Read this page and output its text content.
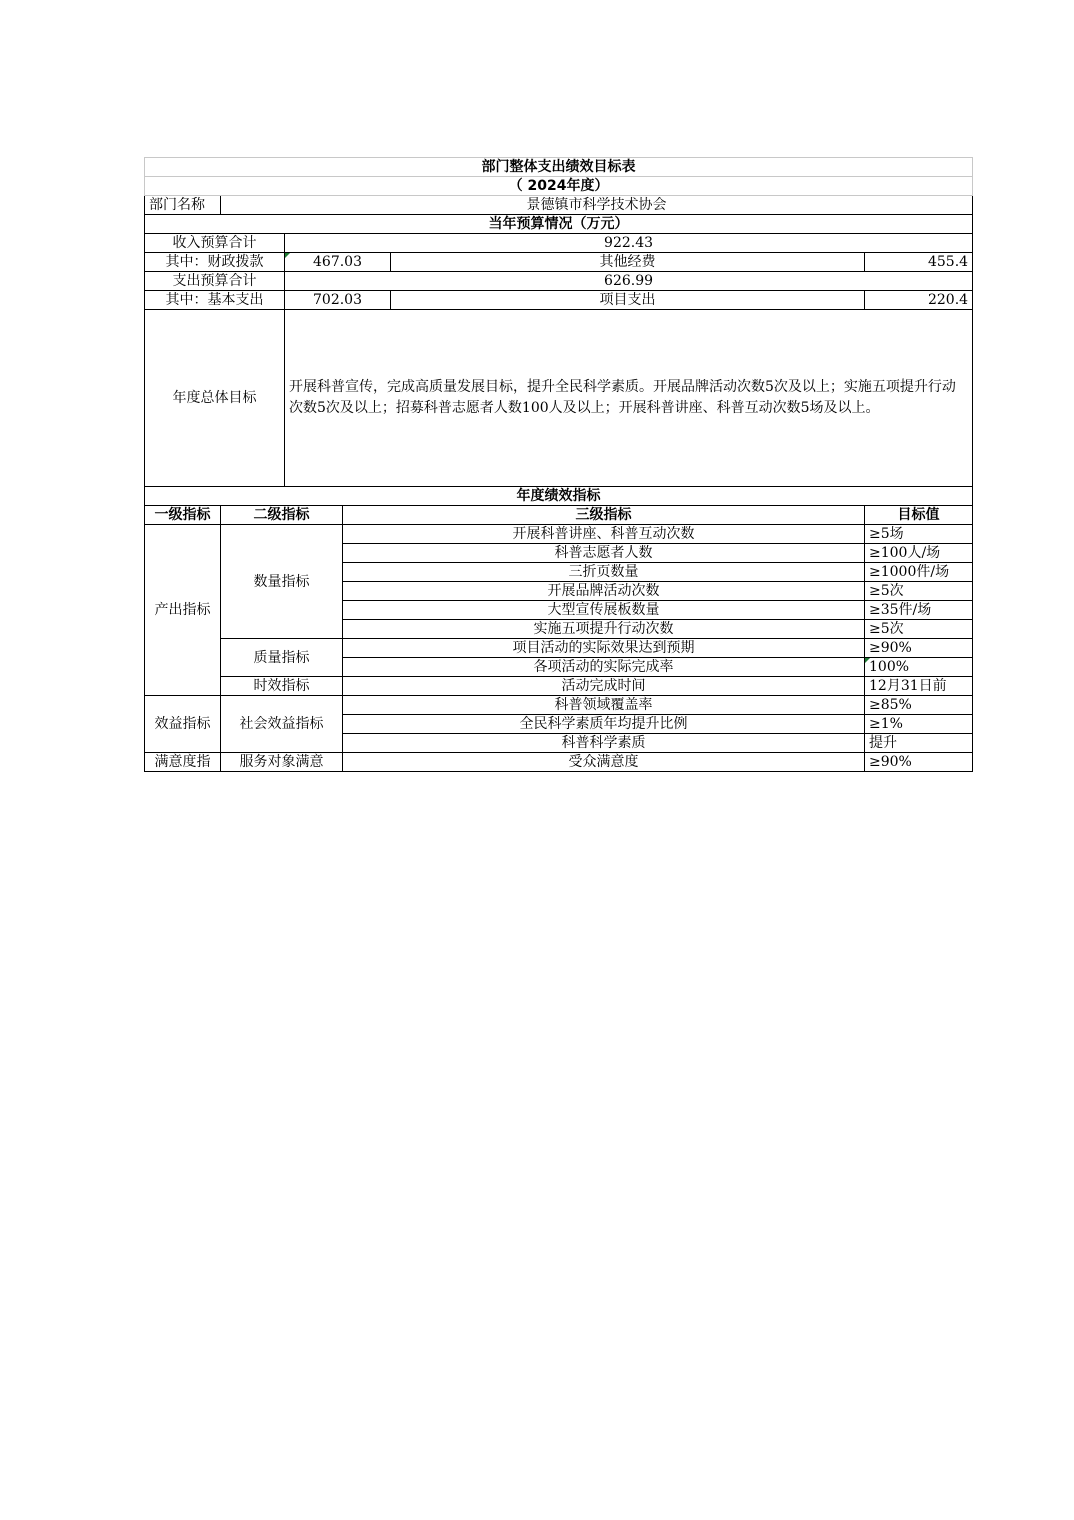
部门整体支出绩效目标表					
（ 2024年度）					
部门名称	景德镇市科学技术协会				
当年预算情况（万元）					
收入预算合计		922.43			
其中：财政拨款		467.03		其他经费	455.4
支出预算合计		626.99			
其中：基本支出		702.03		项目支出	220.4
年度总体目标		开展科普宣传，完成高质量发展目标，提升全民科学素质。开展品牌活动次数5次及以上；实施五项提升行动次数5次及以上；招募科普志愿者人数100人及以上；开展科普讲座、科普互动次数5场及以上。			
年度绩效指标					
一级指标	二级指标		三级指标		目标值
产出指标	数量指标		开展科普讲座、科普互动次数		≥5场
			科普志愿者人数		≥100人/场
			三折页数量		≥1000件/场
			开展品牌活动次数		≥5次
			大型宣传展板数量		≥35件/场
			实施五项提升行动次数		≥5次
	质量指标		项目活动的实际效果达到预期		≥90%
			各项活动的实际完成率		100%
	时效指标		活动完成时间		12月31日前
效益指标	社会效益指标		科普领域覆盖率		≥85%
			全民科学素质年均提升比例		≥1%
			科普科学素质		提升
满意度指	服务对象满意		受众满意度		≥90%
